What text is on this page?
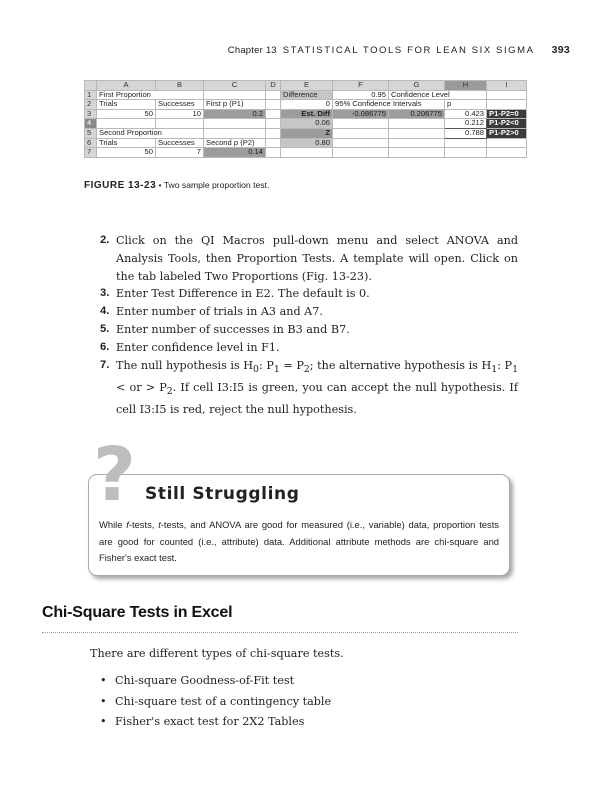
Chapter 13 STATISTICAL TOOLS FOR LEAN SIX SIGMA 393
	A	B	C	D	E	F	G	H	I
1	First Proportion				Difference	0.95	Confidence Level		
2	Trials	Successes	First p (P1)		0	95% Confidence Intervals		p	
3	50	10	0.2		Est. Diff	-0.086775	0.206775	0.423	P1-P2=0
4					0.06			0.212	P1-P2<0
5	Second Proportion				Z			0.788	P1-P2>0
6	Trials	Successes	Second p (P2)		0.80				
7	50	7	0.14						
FIGURE 13-23 • Two sample proportion test.
2. Click on the QI Macros pull-down menu and select ANOVA and Analysis Tools, then Proportion Tests. A template will open. Click on the tab labeled Two Proportions (Fig. 13-23).

3. Enter Test Difference in E2. The default is 0.

4. Enter number of trials in A3 and A7.

5. Enter number of successes in B3 and B7.

6. Enter confidence level in F1.

7. The null hypothesis is $H_0$: $P_1 = P_2$; the alternative hypothesis is $H_1$: $P_1$ < or > $P_2$. If cell I3:I5 is green, you can accept the null hypothesis. If cell I3:I5 is red, reject the null hypothesis.

Still Struggling
While f-tests, t-tests, and ANOVA are good for measured (i.e., variable) data, proportion tests are good for counted (i.e., attribute) data. Additional attribute methods are chi-square and Fisher's exact test.
?
Chi-Square Tests in Excel

There are different types of chi-square tests.

• Chi-square Goodness-of-Fit test
• Chi-square test of a contingency table
• Fisher's exact test for 2X2 Tables
